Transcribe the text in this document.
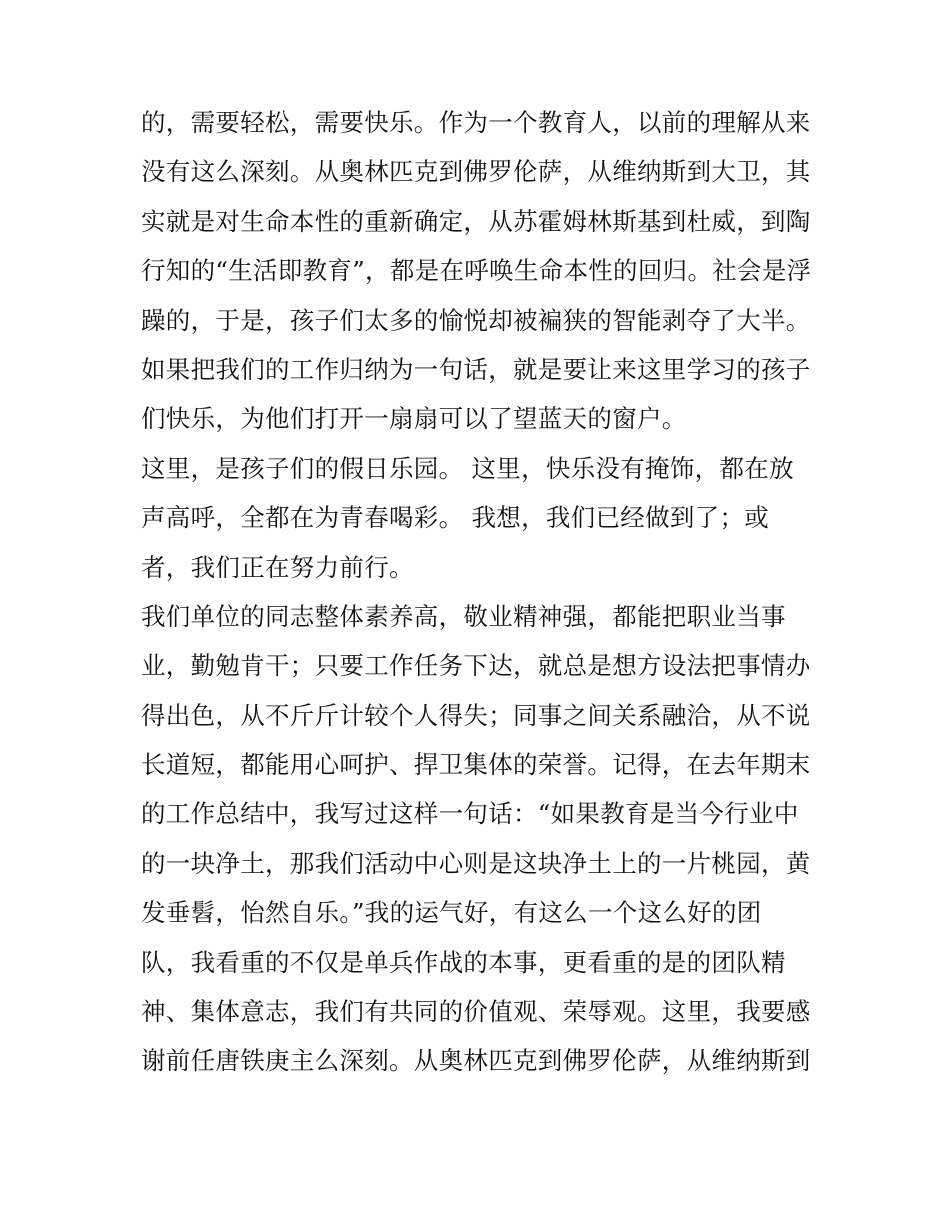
的，需要轻松，需要快乐。作为一个教育人，以前的理解从来
没有这么深刻。从奥林匹克到佛罗伦萨，从维纳斯到大卫，其
实就是对生命本性的重新确定，从苏霍姆林斯基到杜威，到陶
行知的“生活即教育”，都是在呼唤生命本性的回归。社会是浮
躁的，于是，孩子们太多的愉悦却被褊狭的智能剥夺了大半。
如果把我们的工作归纳为一句话，就是要让来这里学习的孩子
们快乐，为他们打开一扇扇可以了望蓝天的窗户。
这里，是孩子们的假日乐园。 这里，快乐没有掩饰，都在放
声高呼，全都在为青春喝彩。 我想，我们已经做到了；或
者，我们正在努力前行。
我们单位的同志整体素养高，敬业精神强，都能把职业当事
业，勤勉肯干；只要工作任务下达，就总是想方设法把事情办
得出色，从不斤斤计较个人得失；同事之间关系融洽，从不说
长道短，都能用心呵护、捍卫集体的荣誉。记得，在去年期末
的工作总结中，我写过这样一句话：“如果教育是当今行业中
的一块净土，那我们活动中心则是这块净土上的一片桃园，黄
发垂髫，怡然自乐。”我的运气好，有这么一个这么好的团
队，我看重的不仅是单兵作战的本事，更看重的是的团队精
神、集体意志，我们有共同的价值观、荣辱观。这里，我要感
谢前任唐铁庚主么深刻。从奥林匹克到佛罗伦萨，从维纳斯到
